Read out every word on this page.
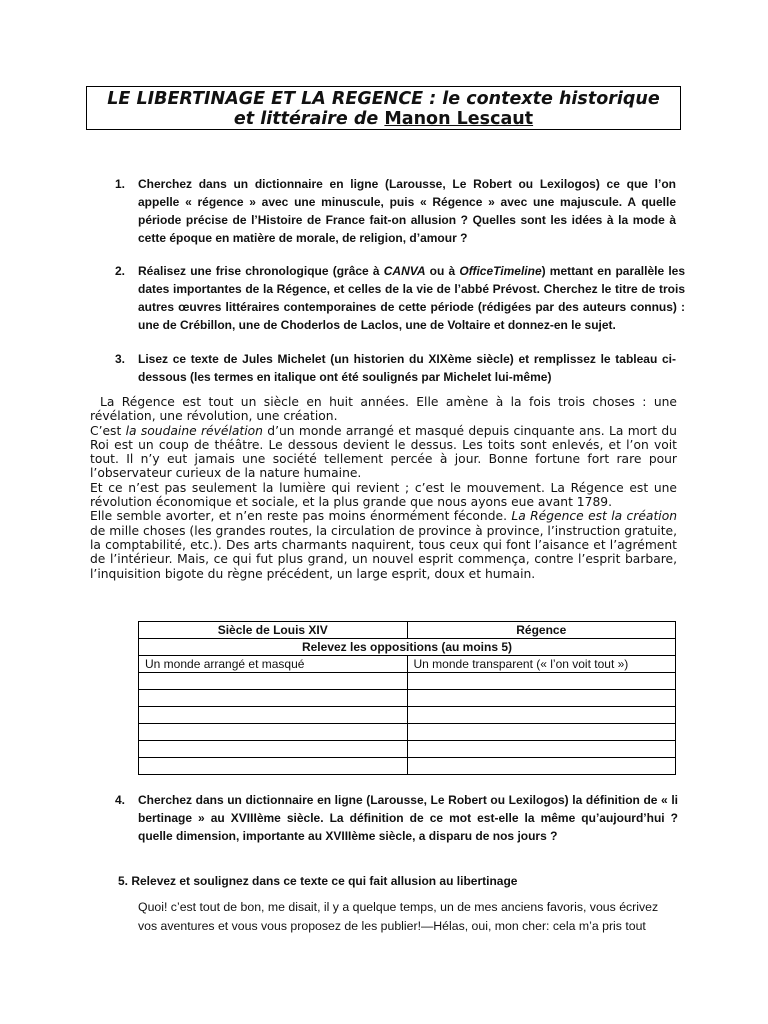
LE LIBERTINAGE ET LA REGENCE : le contexte historique
et littéraire de Manon Lescaut
1. Cherchez dans un dictionnaire en ligne (Larousse, Le Robert ou Lexilogos) ce que l’on appelle « régence » avec une minuscule, puis « Régence » avec une majuscule. A quelle période précise de l’Histoire de France fait-on allusion ? Quelles sont les idées à la mode à cette époque en matière de morale, de religion, d’amour ?
2. Réalisez une frise chronologique (grâce à CANVA ou à OfficeTimeline) mettant en parallèle les dates importantes de la Régence, et celles de la vie de l’abbé Prévost. Cherchez le titre de trois autres œuvres littéraires contemporaines de cette période (rédigées par des auteurs connus) : une de Crébillon, une de Choderlos de Laclos, une de Voltaire et donnez-en le sujet.
3. Lisez ce texte de Jules Michelet (un historien du XIXème siècle) et remplissez le tableau ci-dessous (les termes en italique ont été soulignés par Michelet lui-même)
La Régence est tout un siècle en huit années. Elle amène à la fois trois choses : une révélation, une révolution, une création.
C’est la soudaine révélation d’un monde arrangé et masqué depuis cinquante ans. La mort du Roi est un coup de théâtre. Le dessous devient le dessus. Les toits sont enlevés, et l’on voit tout. Il n’y eut jamais une société tellement percée à jour. Bonne fortune fort rare pour l’observateur curieux de la nature humaine.
Et ce n’est pas seulement la lumière qui revient ; c’est le mouvement. La Régence est une révolution économique et sociale, et la plus grande que nous ayons eue avant 1789.
Elle semble avorter, et n’en reste pas moins énormément féconde. La Régence est la création de mille choses (les grandes routes, la circulation de province à province, l’instruction gratuite, la comptabilité, etc.). Des arts charmants naquirent, tous ceux qui font l’aisance et l’agrément de l’intérieur. Mais, ce qui fut plus grand, un nouvel esprit commença, contre l’esprit barbare, l’inquisition bigote du règne précédent, un large esprit, doux et humain.
Siècle de Louis XIV	Régence
Relevez les oppositions (au moins 5)	
Un monde arrangé et masqué	Un monde transparent (« l’on voit tout »)

4. Cherchez dans un dictionnaire en ligne (Larousse, Le Robert ou Lexilogos) la définition de « li bertinage » au XVIIIème siècle. La définition de ce mot est-elle la même qu’aujourd’hui ? quelle dimension, importante au XVIIIème siècle, a disparu de nos jours ?
5. Relevez et soulignez dans ce texte ce qui fait allusion au libertinage
Quoi! c’est tout de bon, me disait, il y a quelque temps, un de mes anciens favoris, vous écrivez
vos aventures et vous vous proposez de les publier!—Hélas, oui, mon cher: cela m’a pris tout
